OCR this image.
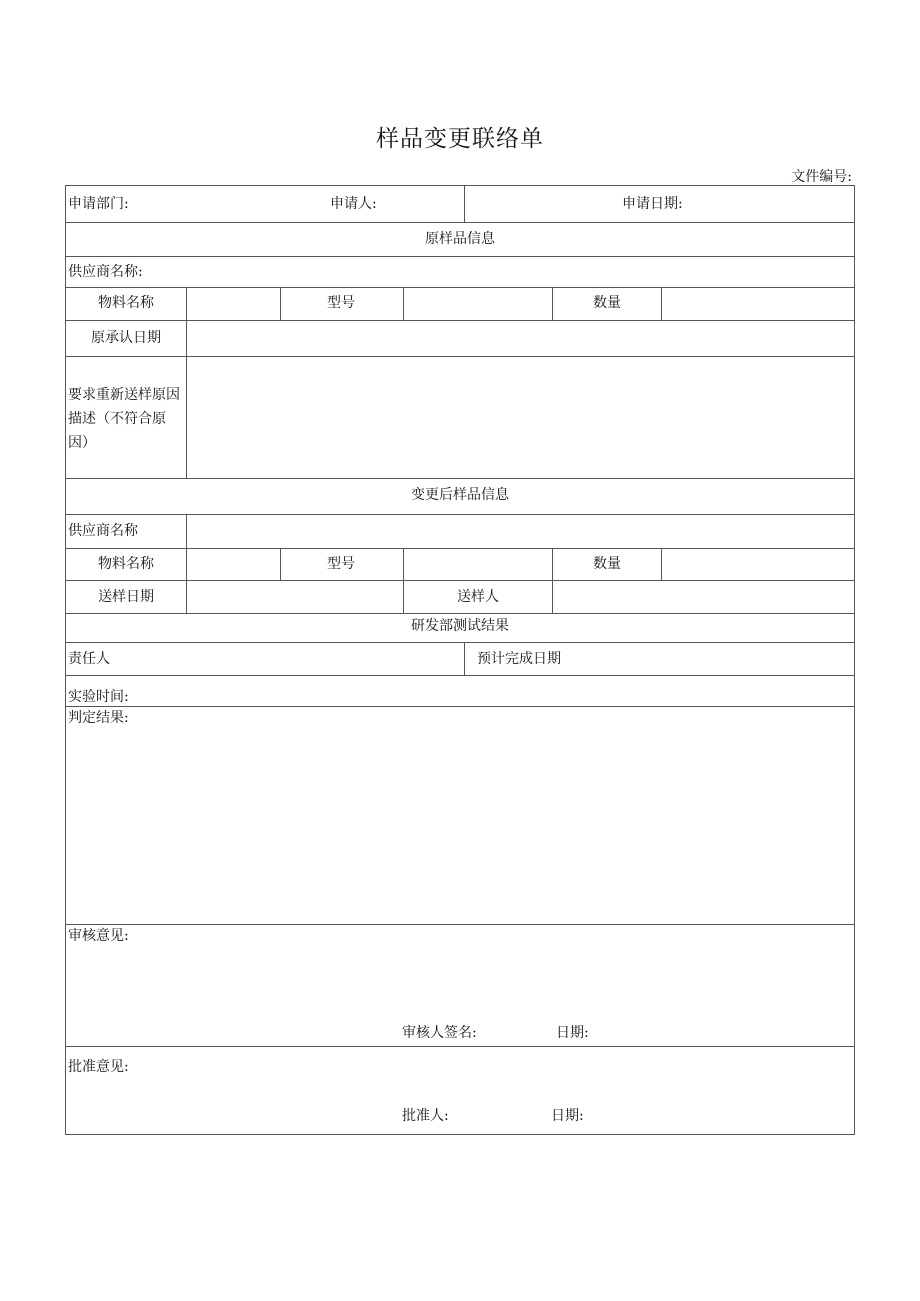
样品变更联络单
文件编号:
申请部门:	申请人:	申请日期:
原样品信息
供应商名称:
物料名称	型号	数量
原承认日期
要求重新送样原因描述（不符合原因）
变更后样品信息
供应商名称
物料名称	型号	数量
送样日期	送样人
研发部测试结果
责任人	预计完成日期
实验时间:
判定结果:
审核意见:
审核人签名:	日期:
批准意见:
批准人:	日期:
